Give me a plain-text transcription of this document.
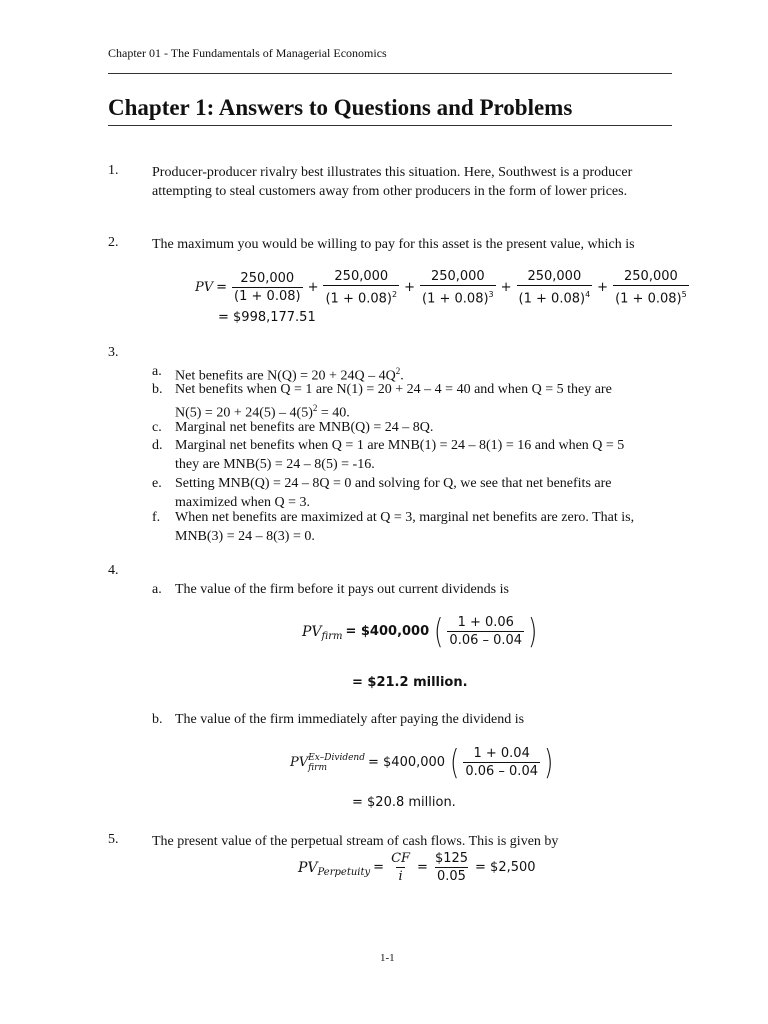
Chapter 01 - The Fundamentals of Managerial Economics
Chapter 1: Answers to Questions and Problems
1. Producer-producer rivalry best illustrates this situation. Here, Southwest is a producer attempting to steal customers away from other producers in the form of lower prices.
2. The maximum you would be willing to pay for this asset is the present value, which is
PV = $\frac{250,000}{(1 + 0.08)} + \frac{250,000}{(1 + 0.08)^2} + \frac{250,000}{(1 + 0.08)^3} + \frac{250,000}{(1 + 0.08)^4} + \frac{250,000}{(1 + 0.08)^5}$
= $998,177.51
3.
a. Net benefits are $N(Q) = 20 + 24Q - 4Q^2$.
b. Net benefits when Q = 1 are N(1) = 20 + 24 – 4 = 40 and when Q = 5 they are
$N(5) = 20 + 24(5) - 4(5)^2 = 40$.
c. Marginal net benefits are MNB(Q) = 24 – 8Q.
d. Marginal net benefits when Q = 1 are MNB(1) = 24 – 8(1) = 16 and when Q = 5
they are MNB(5) = 24 – 8(5) = -16.
e. Setting MNB(Q) = 24 – 8Q = 0 and solving for Q, we see that net benefits are
maximized when Q = 3.
f. When net benefits are maximized at Q = 3, marginal net benefits are zero. That is,
MNB(3) = 24 – 8(3) = 0.
4.
a. The value of the firm before it pays out current dividends is
PV firm = $400,000 ( $\frac{1 + 0.06}{0.06 - 0.04}$ )
= $21.2 million.
b. The value of the firm immediately after paying the dividend is
PV Ex–Dividend
firm	= $400,000 ( $\frac{1 + 0.04}{0.06 - 0.04}$ )
= $20.8 million.
5. The present value of the perpetual stream of cash flows. This is given by
PV Perpetuity = $\frac{CF}{i} = \frac{\$125}{0.05}$ = $2,500
1-1
